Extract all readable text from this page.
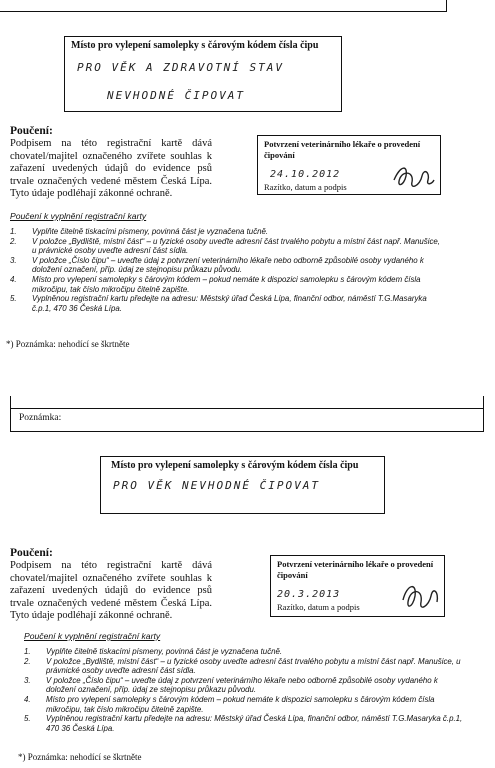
Místo pro vylepení samolepky s čárovým kódem čísla čipu
PRO VĚK A ZDRAVOTNÍ STAV
NEVHODNÉ ČIPOVAT
Poučení:
Podpisem na této registrační kartě dává chovatel/majitel označeného zvířete souhlas k zařazení uvedených údajů do evidence psů trvale označených vedené městem Česká Lípa. Tyto údaje podléhají zákonné ochraně.
Potvrzení veterinárního lékaře o provedení čipování
24.10.2012
Razítko, datum a podpis
Poučení k vyplnění registrační karty
1. Vyplňte čitelně tiskacími písmeny, povinná část je vyznačena tučně.
2. V položce „Bydliště, místní část“ – u fyzické osoby uveďte adresní část trvalého pobytu a místní část např. Manušice, u právnické osoby uveďte adresní část sídla.
3. V položce „Číslo čipu“ – uveďte údaj z potvrzení veterinárního lékaře nebo odborně způsobilé osoby vydaného k doložení označení, příp. údaj ze stejnopisu průkazu původu.
4. Místo pro vylepení samolepky s čárovým kódem – pokud nemáte k dispozici samolepku s čárovým kódem čísla mikročipu, tak číslo mikročipu čitelně zapište.
5. Vyplněnou registrační kartu předejte na adresu: Městský úřad Česká Lípa, finanční odbor, náměstí T.G.Masaryka č.p.1, 470 36 Česká Lípa.
*) Poznámka: nehodící se škrtněte
Poznámka:
Místo pro vylepení samolepky s čárovým kódem čísla čipu
PRO VĚK NEVHODNÉ ČIPOVAT
Poučení:
Podpisem na této registrační kartě dává chovatel/majitel označeného zvířete souhlas k zařazení uvedených údajů do evidence psů trvale označených vedené městem Česká Lípa. Tyto údaje podléhají zákonné ochraně.
Potvrzení veterinárního lékaře o provedení čipování
20.3.2013
Razítko, datum a podpis
Poučení k vyplnění registrační karty
1. Vyplňte čitelně tiskacími písmeny, povinná část je vyznačena tučně.
2. V položce „Bydliště, místní část“ – u fyzické osoby uveďte adresní část trvalého pobytu a místní část např. Manušice, u právnické osoby uveďte adresní část sídla.
3. V položce „Číslo čipu“ – uveďte údaj z potvrzení veterinárního lékaře nebo odborně způsobilé osoby vydaného k doložení označení, příp. údaj ze stejnopisu průkazu původu.
4. Místo pro vylepení samolepky s čárovým kódem – pokud nemáte k dispozici samolepku s čárovým kódem čísla mikročipu, tak číslo mikročipu čitelně zapište.
5. Vyplněnou registrační kartu předejte na adresu: Městský úřad Česká Lípa, finanční odbor, náměstí T.G.Masaryka č.p.1, 470 36 Česká Lípa.
*) Poznámka: nehodící se škrtněte
